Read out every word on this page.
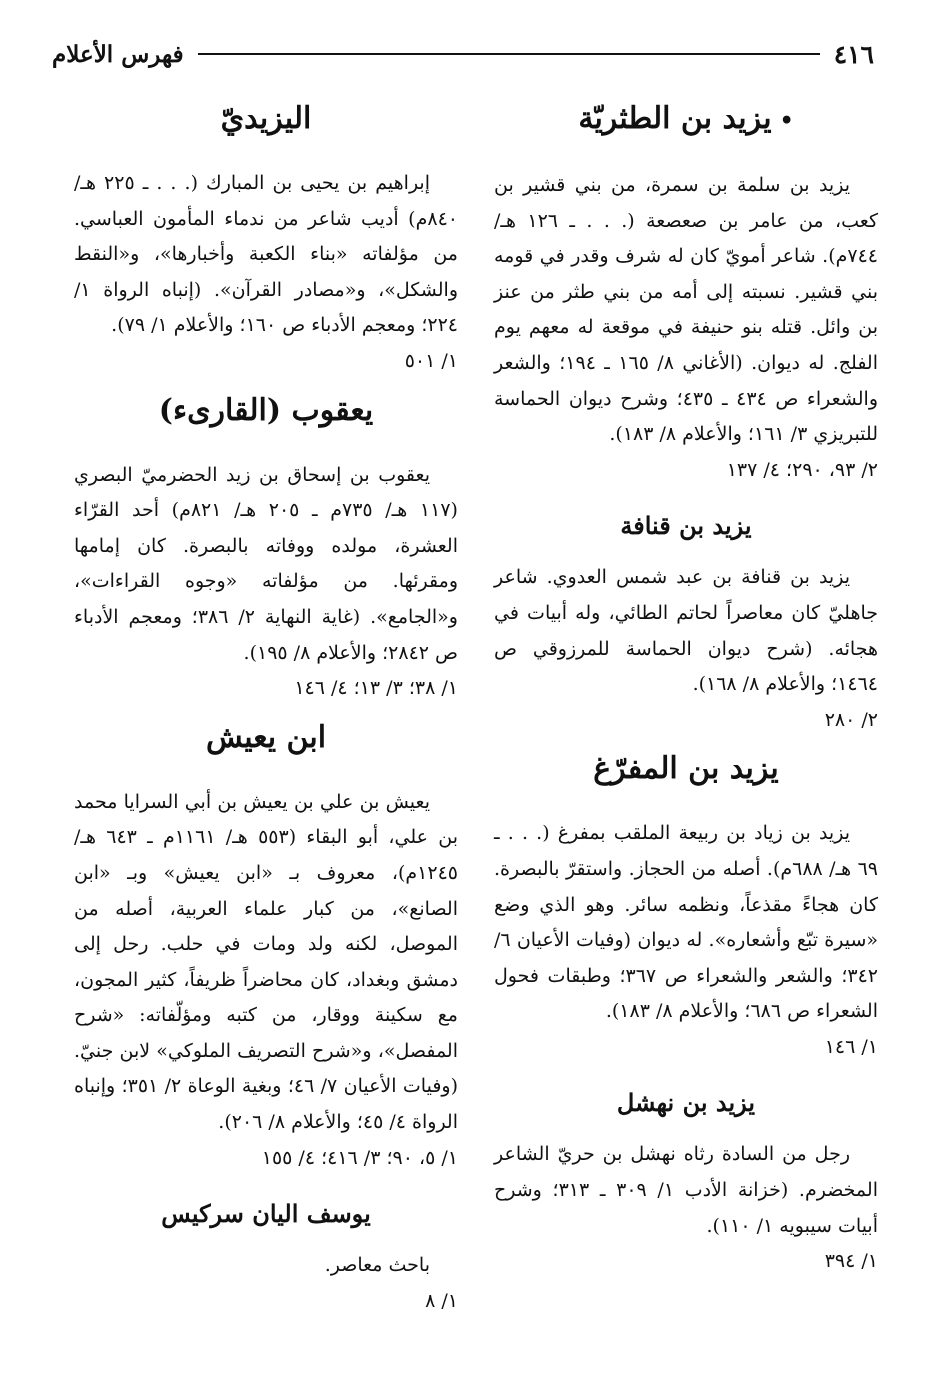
٤١٦
فهرس الأعلام
•يزيد بن الطثريّة

يزيد بن سلمة بن سمرة، من بني قشير بن كعب، من عامر بن صعصعة (. . . ـ ١٢٦ هـ/ ٧٤٤م). شاعر أمويّ كان له شرف وقدر في قومه بني قشير. نسبته إلى أمه من بني طثر من عنز بن وائل. قتله بنو حنيفة في موقعة له معهم يوم الفلج. له ديوان. (الأغاني ٨/ ١٦٥ ـ ١٩٤؛ والشعر والشعراء ص ٤٣٤ ـ ٤٣٥؛ وشرح ديوان الحماسة للتبريزي ٣/ ١٦١؛ والأعلام ٨/ ١٨٣).

٢/ ٩٣، ٢٩٠؛ ٤/ ١٣٧

يزيد بن قنافة

يزيد بن قنافة بن عبد شمس العدوي. شاعر جاهليّ كان معاصراً لحاتم الطائي، وله أبيات في هجائه. (شرح ديوان الحماسة للمرزوقي ص ١٤٦٤؛ والأعلام ٨/ ١٦٨).

٢/ ٢٨٠

يزيد بن المفرّغ

يزيد بن زياد بن ربيعة الملقب بمفرغ (. . . ـ ٦٩ هـ/ ٦٨٨م). أصله من الحجاز. واستقرّ بالبصرة. كان هجاءً مقذعاً، ونظمه سائر. وهو الذي وضع «سيرة تبّع وأشعاره». له ديوان (وفيات الأعيان ٦/ ٣٤٢؛ والشعر والشعراء ص ٣٦٧؛ وطبقات فحول الشعراء ص ٦٨٦؛ والأعلام ٨/ ١٨٣).

١/ ١٤٦

يزيد بن نهشل

رجل من السادة رثاه نهشل بن حريّ الشاعر المخضرم. (خزانة الأدب ١/ ٣٠٩ ـ ٣١٣؛ وشرح أبيات سيبويه ١/ ١١٠).

١/ ٣٩٤

اليزيديّ

إبراهيم بن يحيى بن المبارك (. . . ـ ٢٢٥ هـ/ ٨٤٠م) أديب شاعر من ندماء المأمون العباسي. من مؤلفاته «بناء الكعبة وأخبارها»، و«النقط والشكل»، و«مصادر القرآن». (إنباه الرواة ١/ ٢٢٤؛ ومعجم الأدباء ص ١٦٠؛ والأعلام ١/ ٧٩).

١/ ٥٠١

يعقوب (القارىء)

يعقوب بن إسحاق بن زيد الحضرميّ البصري (١١٧ هـ/ ٧٣٥م ـ ٢٠٥ هـ/ ٨٢١م) أحد القرّاء العشرة، مولده ووفاته بالبصرة. كان إمامها ومقرئها. من مؤلفاته «وجوه القراءات»، و«الجامع». (غاية النهاية ٢/ ٣٨٦؛ ومعجم الأدباء ص ٢٨٤٢؛ والأعلام ٨/ ١٩٥).

١/ ٣٨؛ ٣/ ١٣؛ ٤/ ١٤٦

ابن يعيش

يعيش بن علي بن يعيش بن أبي السرايا محمد بن علي، أبو البقاء (٥٥٣ هـ/ ١١٦١م ـ ٦٤٣ هـ/ ١٢٤٥م)، معروف بـ «ابن يعيش» وبـ «ابن الصانع»، من كبار علماء العربية، أصله من الموصل، لكنه ولد ومات في حلب. رحل إلى دمشق وبغداد، كان محاضراً ظريفاً، كثير المجون، مع سكينة ووقار، من كتبه ومؤلّفاته: «شرح المفصل»، و«شرح التصريف الملوكي» لابن جنيّ. (وفيات الأعيان ٧/ ٤٦؛ وبغية الوعاة ٢/ ٣٥١؛ وإنباه الرواة ٤/ ٤٥؛ والأعلام ٨/ ٢٠٦).

١/ ٥، ٩٠؛ ٣/ ٤١٦؛ ٤/ ١٥٥

يوسف اليان سركيس

باحث معاصر.

١/ ٨
